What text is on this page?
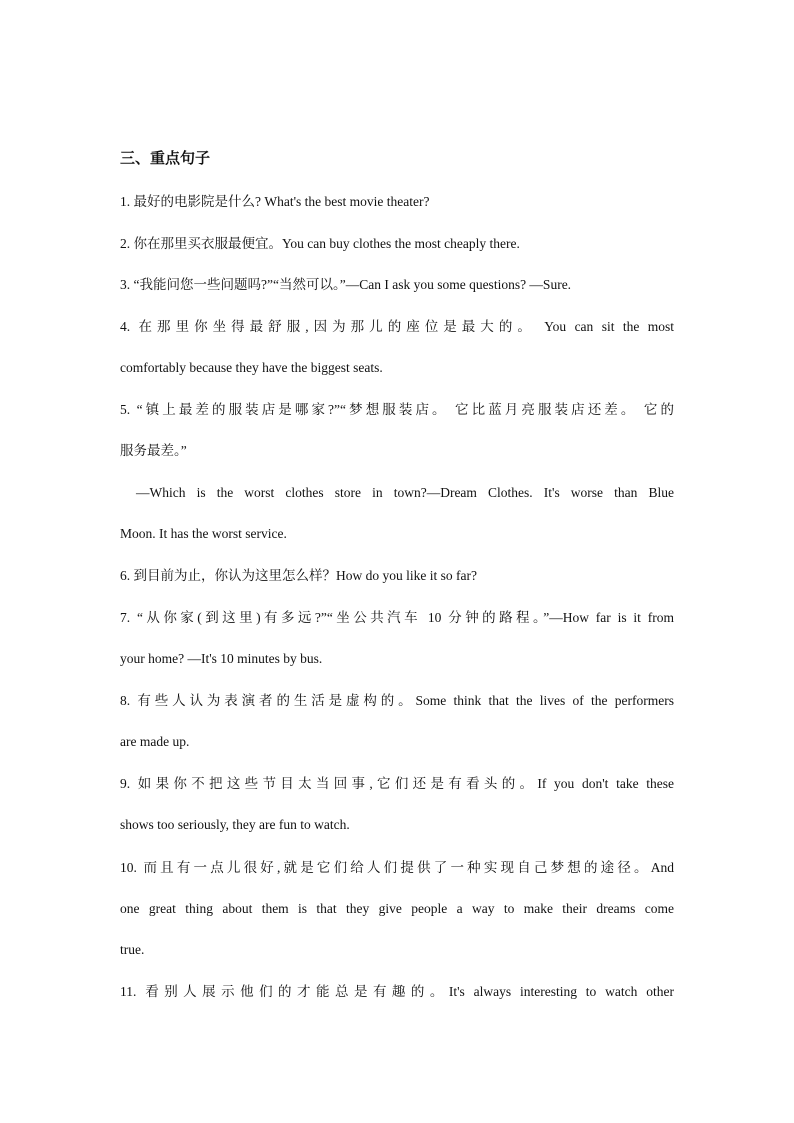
三、重点句子
1. 最好的电影院是什么? What's the best movie theater?
2. 你在那里买衣服最便宜。You can buy clothes the most cheaply there.
3. “我能问您一些问题吗?”“当然可以。”—Can I ask you some questions? —Sure.
4. 在那里你坐得最舒服,因为那儿的座位是最大的。 You can sit the most
comfortably because they have the biggest seats.
5. “镇上最差的服装店是哪家?”“梦想服装店。 它比蓝月亮服装店还差。 它的
服务最差。”
—Which is the worst clothes store in town?—Dream Clothes. It's worse than Blue
Moon. It has the worst service.
6. 到目前为止，你认为这里怎么样？How do you like it so far?
7. “从你家(到这里)有多远?”“坐公共汽车 10 分钟的路程。”—How far is it from
your home? —It's 10 minutes by bus.
8. 有些人认为表演者的生活是虚构的。Some think that the lives of the performers
are made up.
9. 如果你不把这些节目太当回事,它们还是有看头的。If you don't take these
shows too seriously, they are fun to watch.
10. 而且有一点儿很好,就是它们给人们提供了一种实现自己梦想的途径。And
one great thing about them is that they give people a way to make their dreams come
true.
11. 看别人展示他们的才能总是有趣的。It's always interesting to watch other
